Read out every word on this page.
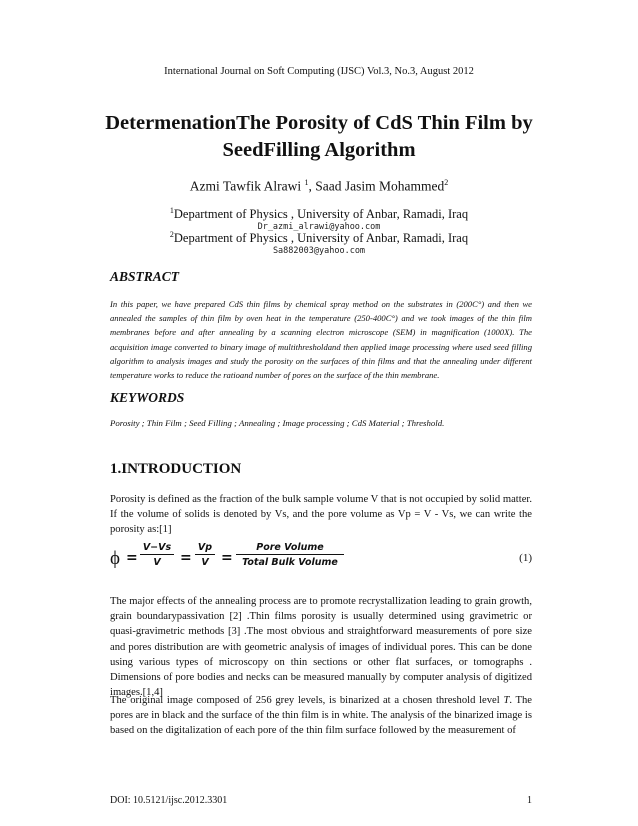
International Journal on Soft Computing (IJSC) Vol.3, No.3, August 2012
DetermenationThe Porosity of CdS Thin Film by
SeedFilling Algorithm
Azmi Tawfik Alrawi $^1$, Saad Jasim Mohammed$^2$
$^1$Department of Physics , University of Anbar, Ramadi, Iraq
Dr_azmi_alrawi@yahoo.com
$^2$Department of Physics , University of Anbar, Ramadi, Iraq
Sa882003@yahoo.com
ABSTRACT
In this paper, we have prepared CdS thin films by chemical spray method on the substrates in (200C°) and then we annealed the samples of thin film by oven heat in the temperature (250-400C°) and we took images of the thin film membranes before and after annealing by a scanning electron microscope (SEM) in magnification (1000X). The acquisition image converted to binary image of multithresholdand then applied image processing where used seed filling algorithm to analysis images and study the porosity on the surfaces of thin films and that the annealing under different temperature works to reduce the ratioand number of pores on the surface of the thin membrane.
KEYWORDS
Porosity ; Thin Film ; Seed Filling ; Annealing ; Image processing ; CdS Material ; Threshold.
1.INTRODUCTION
Porosity is defined as the fraction of the bulk sample volume V that is not occupied by solid matter. If the volume of solids is denoted by Vs, and the pore volume as Vp = V - Vs, we can write the porosity as:[1]
$\phi = \frac{V-Vs}{V} = \frac{Vp}{V}$ =
Pore Volume
Total Bulk Volume	(1)
The major effects of the annealing process are to promote recrystallization leading to grain growth, grain boundarypassivation [2] .Thin films porosity is usually determined using gravimetric or quasi-gravimetric methods [3] .The most obvious and straightforward measurements of pore size and pores distribution are with geometric analysis of images of individual pores. This can be done using various types of microscopy on thin sections or other flat surfaces, or tomographs . Dimensions of pore bodies and necks can be measured manually by computer analysis of digitized images.[1,4]
The original image composed of 256 grey levels, is binarized at a chosen threshold level T. The pores are in black and the surface of the thin film is in white. The analysis of the binarized image is based on the digitalization of each pore of the thin film surface followed by the measurement of
DOI: 10.5121/ijsc.2012.3301	1
